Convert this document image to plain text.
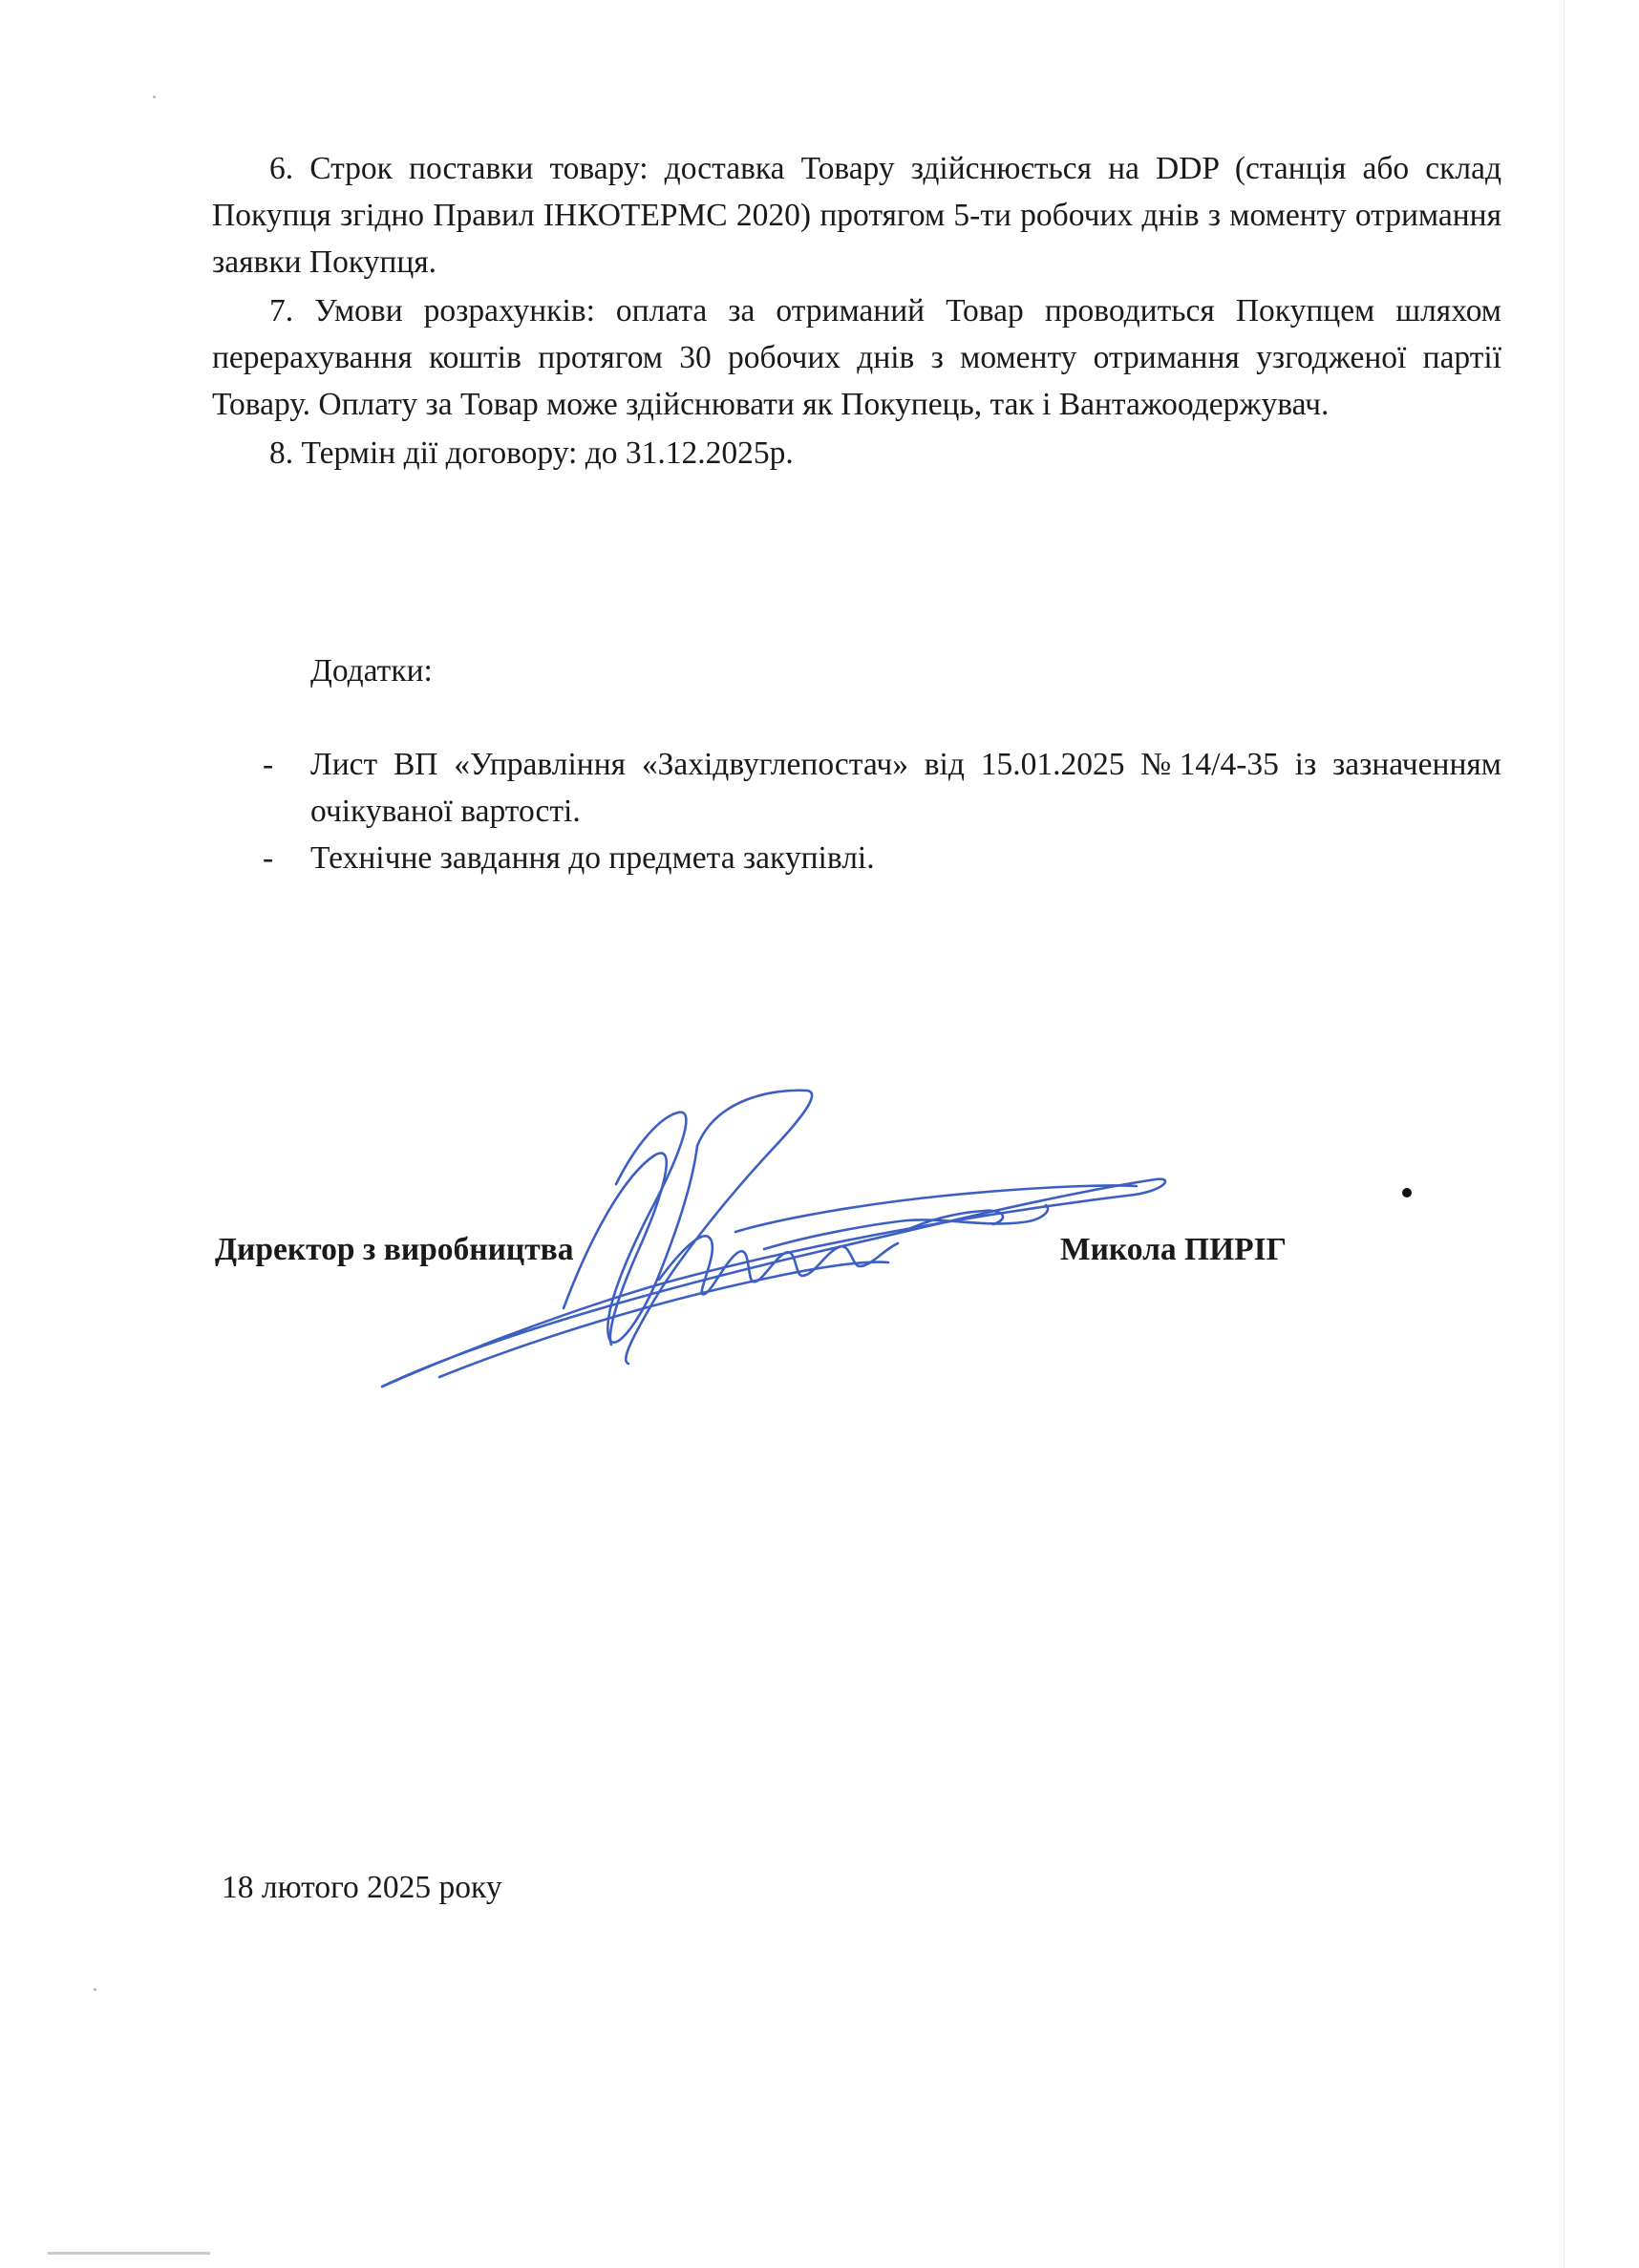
6. Строк поставки товару: доставка Товару здійснюється на DDP (станція або склад Покупця згідно Правил ІНКОТЕРМС 2020) протягом 5-ти робочих днів з моменту отримання заявки Покупця.

7. Умови розрахунків: оплата за отриманий Товар проводиться Покупцем шляхом перерахування коштів протягом 30 робочих днів з моменту отримання узгодженої партії Товару. Оплату за Товар може здійснювати як Покупець, так і Вантажоодержувач.

8. Термін дії договору: до 31.12.2025р.

Додатки:
- Лист ВП «Управління «Західвуглепостач» від 15.01.2025 №14/4-35 із зазначенням очікуваної вартості.
- Технічне завдання до предмета закупівлі.
Директор з виробництва	Микола ПИРІГ
18 лютого 2025 року
